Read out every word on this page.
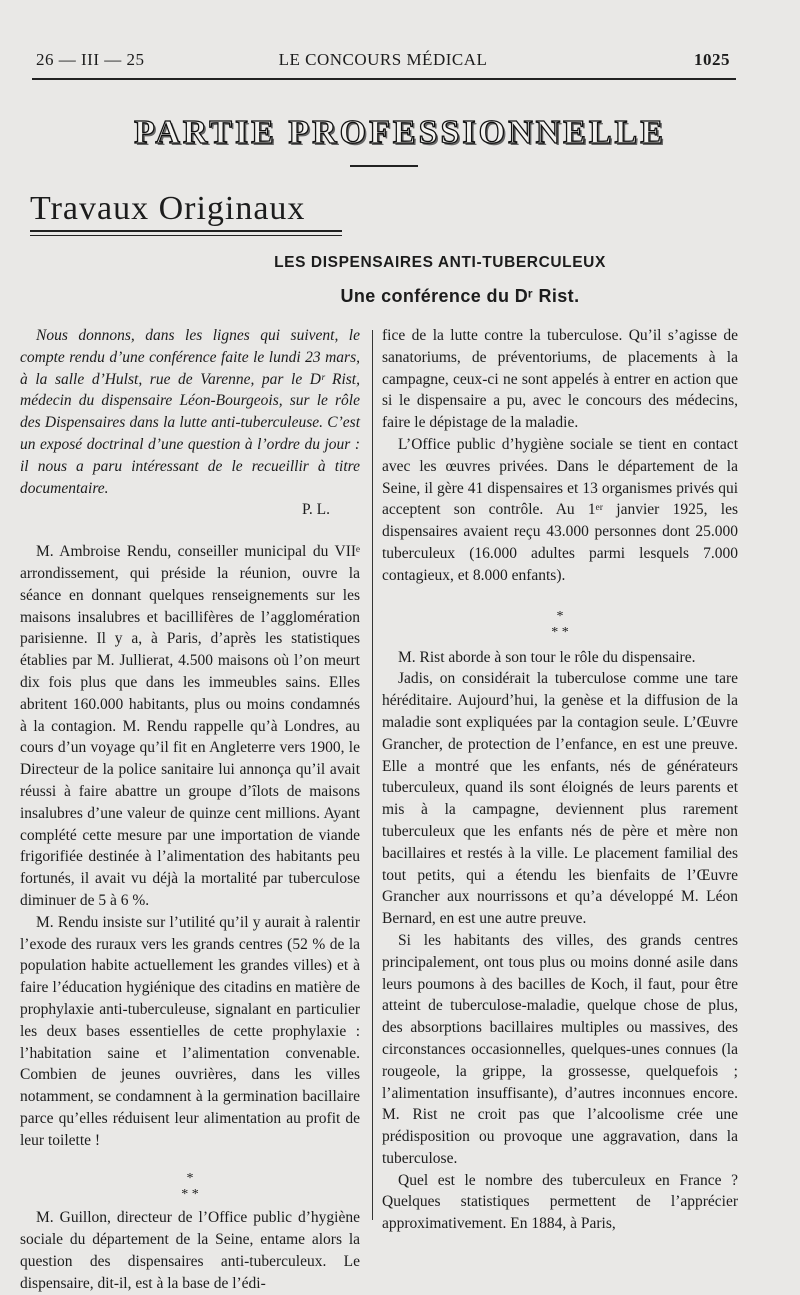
26 — III — 25	LE CONCOURS MÉDICAL	1025
PARTIE PROFESSIONNELLE
Travaux Originaux
LES DISPENSAIRES ANTI-TUBERCULEUX
Une conférence du Dʳ Rist.

Nous donnons, dans les lignes qui suivent, le compte rendu d’une conférence faite le lundi 23 mars, à la salle d’Hulst, rue de Varenne, par le Dʳ Rist, médecin du dispensaire Léon-Bourgeois, sur le rôle des Dispensaires dans la lutte anti-tuberculeuse. C’est un exposé doctrinal d’une question à l’ordre du jour : il nous a paru intéressant de le recueillir à titre documentaire.

P. L.

M. Ambroise Rendu, conseiller municipal du VIIᵉ arrondissement, qui préside la réunion, ouvre la séance en donnant quelques renseignements sur les maisons insalubres et bacillifères de l’agglomération parisienne. Il y a, à Paris, d’après les statistiques établies par M. Jullierat, 4.500 maisons où l’on meurt dix fois plus que dans les immeubles sains. Elles abritent 160.000 habitants, plus ou moins condamnés à la contagion. M. Rendu rappelle qu’à Londres, au cours d’un voyage qu’il fit en Angleterre vers 1900, le Directeur de la police sanitaire lui annonça qu’il avait réussi à faire abattre un groupe d’îlots de maisons insalubres d’une valeur de quinze cent millions. Ayant complété cette mesure par une importation de viande frigorifiée destinée à l’alimentation des habitants peu fortunés, il avait vu déjà la mortalité par tuberculose diminuer de 5 à 6 %.

M. Rendu insiste sur l’utilité qu’il y aurait à ralentir l’exode des ruraux vers les grands centres (52 % de la population habite actuellement les grandes villes) et à faire l’éducation hygiénique des citadins en matière de prophylaxie anti-tuberculeuse, signalant en particulier les deux bases essentielles de cette prophylaxie : l’habitation saine et l’alimentation convenable. Combien de jeunes ouvrières, dans les villes notamment, se condamnent à la germination bacillaire parce qu’elles réduisent leur alimentation au profit de leur toilette !

*
* *

M. Guillon, directeur de l’Office public d’hygiène sociale du département de la Seine, entame alors la question des dispensaires anti-tuberculeux. Le dispensaire, dit-il, est à la base de l’édi-

fice de la lutte contre la tuberculose. Qu’il s’agisse de sanatoriums, de préventoriums, de placements à la campagne, ceux-ci ne sont appelés à entrer en action que si le dispensaire a pu, avec le concours des médecins, faire le dépistage de la maladie.

L’Office public d’hygiène sociale se tient en contact avec les œuvres privées. Dans le département de la Seine, il gère 41 dispensaires et 13 organismes privés qui acceptent son contrôle. Au 1ᵉʳ janvier 1925, les dispensaires avaient reçu 43.000 personnes dont 25.000 tuberculeux (16.000 adultes parmi lesquels 7.000 contagieux, et 8.000 enfants).

*
* *

M. Rist aborde à son tour le rôle du dispensaire.

Jadis, on considérait la tuberculose comme une tare héréditaire. Aujourd’hui, la genèse et la diffusion de la maladie sont expliquées par la contagion seule. L’Œuvre Grancher, de protection de l’enfance, en est une preuve. Elle a montré que les enfants, nés de générateurs tuberculeux, quand ils sont éloignés de leurs parents et mis à la campagne, deviennent plus rarement tuberculeux que les enfants nés de père et mère non bacillaires et restés à la ville. Le placement familial des tout petits, qui a étendu les bienfaits de l’Œuvre Grancher aux nourrissons et qu’a développé M. Léon Bernard, en est une autre preuve.

Si les habitants des villes, des grands centres principalement, ont tous plus ou moins donné asile dans leurs poumons à des bacilles de Koch, il faut, pour être atteint de tuberculose-maladie, quelque chose de plus, des absorptions bacillaires multiples ou massives, des circonstances occasionnelles, quelques-unes connues (la rougeole, la grippe, la grossesse, quelquefois ; l’alimentation insuffisante), d’autres inconnues encore. M. Rist ne croit pas que l’alcoolisme crée une prédisposition ou provoque une aggravation, dans la tuberculose.

Quel est le nombre des tuberculeux en France ? Quelques statistiques permettent de l’apprécier approximativement. En 1884, à Paris,
